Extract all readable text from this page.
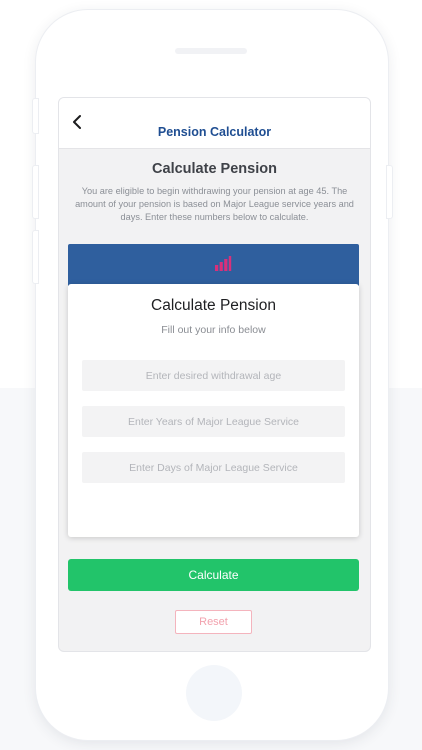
Pension Calculator
Calculate Pension
You are eligible to begin withdrawing your pension at age 45. The amount of your pension is based on Major League service years and days. Enter these numbers below to calculate.
Calculate Pension
Fill out your info below
Enter desired withdrawal age
Enter Years of Major League Service
Enter Days of Major League Service
Calculate
Reset
